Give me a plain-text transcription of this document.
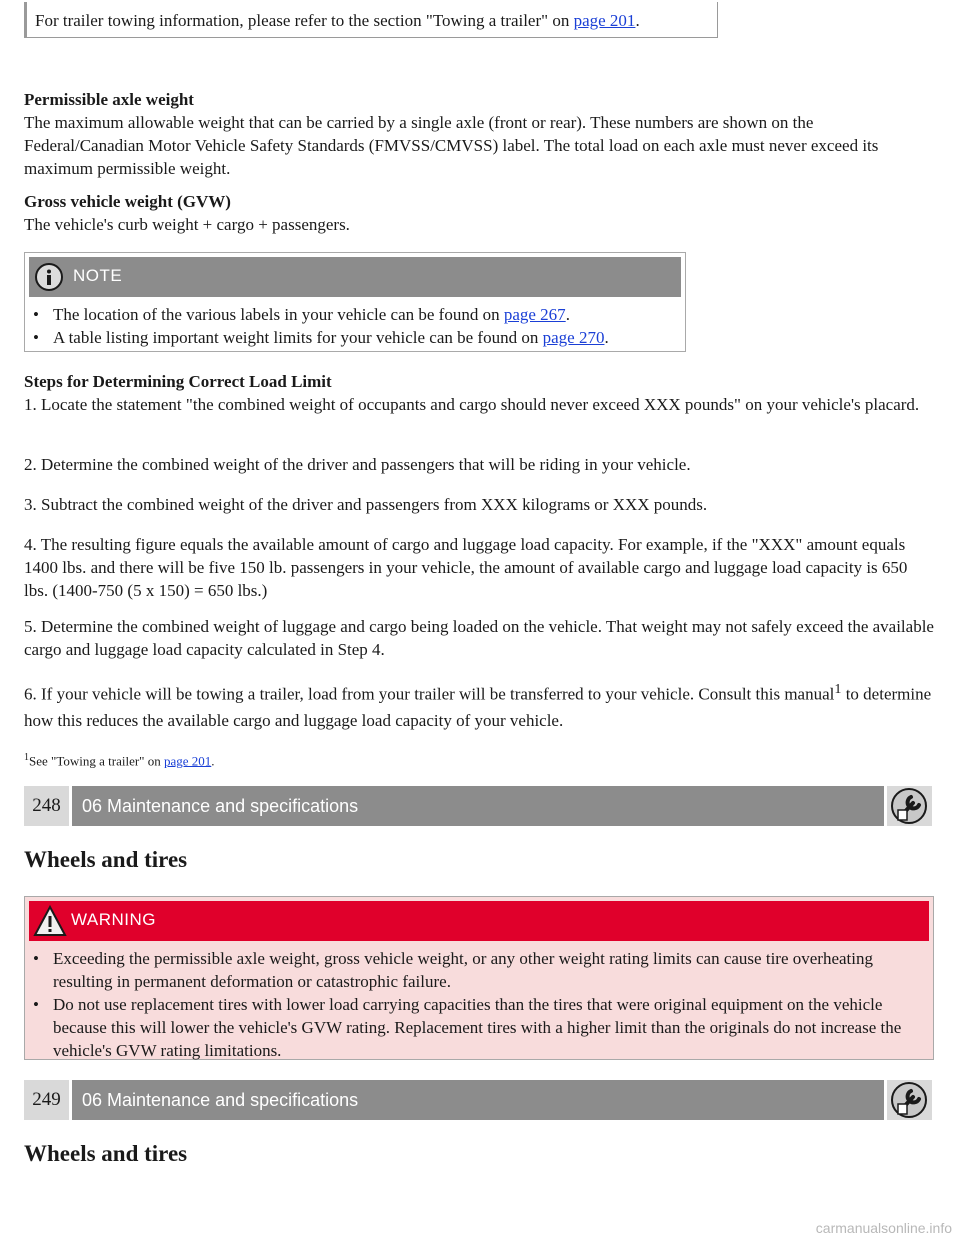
For trailer towing information, please refer to the section "Towing a trailer" on page 201.

Permissible axle weight

The maximum allowable weight that can be carried by a single axle (front or rear). These numbers are shown on the Federal/Canadian Motor Vehicle Safety Standards (FMVSS/CMVSS) label. The total load on each axle must never exceed its maximum permissible weight.

Gross vehicle weight (GVW)

The vehicle's curb weight + cargo + passengers.

NOTE
• The location of the various labels in your vehicle can be found on page 267.
• A table listing important weight limits for your vehicle can be found on page 270.

Steps for Determining Correct Load Limit

1. Locate the statement "the combined weight of occupants and cargo should never exceed XXX pounds" on your vehicle's placard.

2. Determine the combined weight of the driver and passengers that will be riding in your vehicle.

3. Subtract the combined weight of the driver and passengers from XXX kilograms or XXX pounds.

4. The resulting figure equals the available amount of cargo and luggage load capacity. For example, if the "XXX" amount equals 1400 lbs. and there will be five 150 lb. passengers in your vehicle, the amount of available cargo and luggage load capacity is 650 lbs. (1400-750 (5 x 150) = 650 lbs.)

5. Determine the combined weight of luggage and cargo being loaded on the vehicle. That weight may not safely exceed the available cargo and luggage load capacity calculated in Step 4.

6. If your vehicle will be towing a trailer, load from your trailer will be transferred to your vehicle. Consult this manual$^1$ to determine how this reduces the available cargo and luggage load capacity of your vehicle.

$^1$See "Towing a trailer" on page 201.
248	06 Maintenance and specifications
Wheels and tires
WARNING
• Exceeding the permissible axle weight, gross vehicle weight, or any other weight rating limits can cause tire overheating resulting in permanent deformation or catastrophic failure.
• Do not use replacement tires with lower load carrying capacities than the tires that were original equipment on the vehicle because this will lower the vehicle's GVW rating. Replacement tires with a higher limit than the originals do not increase the vehicle's GVW rating limitations.
249	06 Maintenance and specifications
Wheels and tires
carmanualsonline.info
